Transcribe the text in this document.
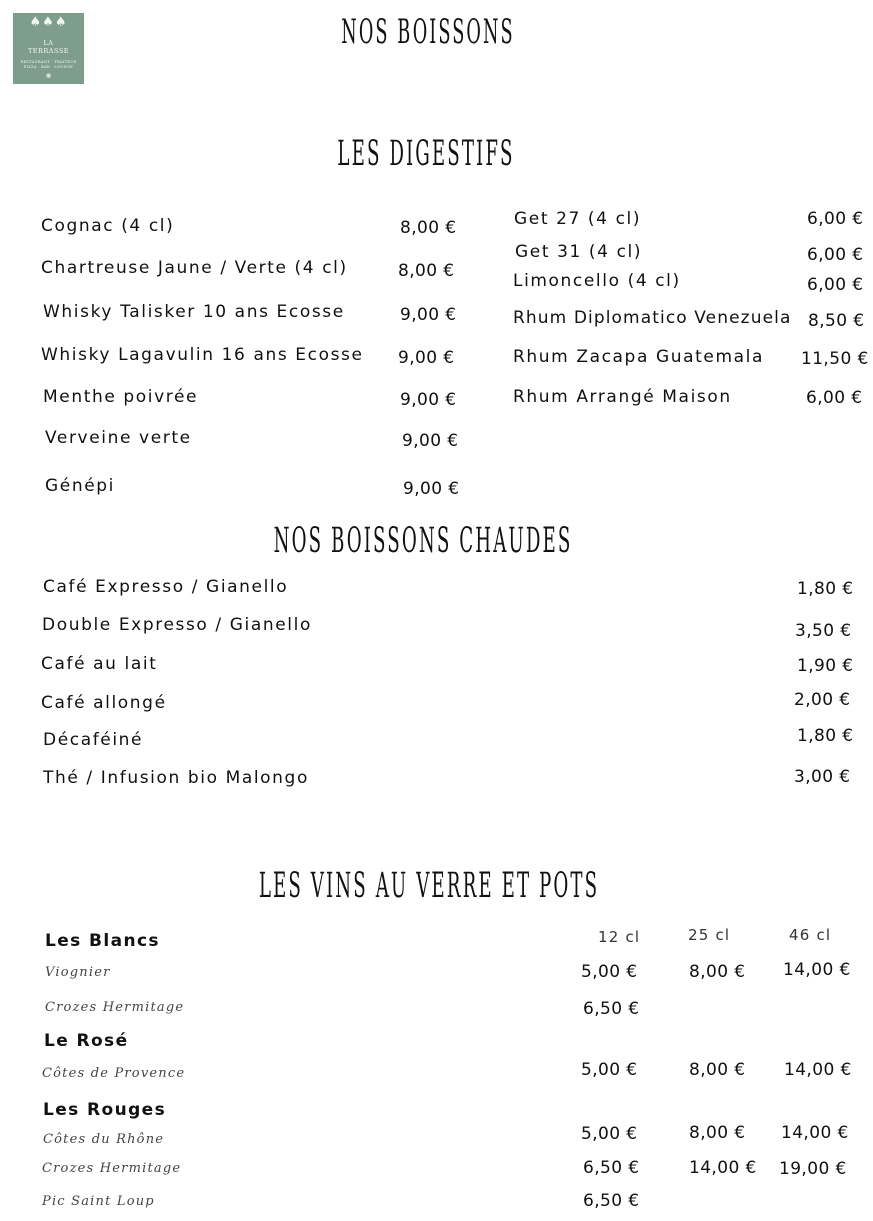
♠♠♠
LA
TERRASSE
RESTAURANT · TRAITEUR
PIZZA · BAR · LOUNGE
❀
NOS BOISSONS
LES DIGESTIFS
Cognac (4 cl)	8,00 €
Chartreuse Jaune / Verte (4 cl)	8,00 €
Whisky Talisker 10 ans Ecosse	9,00 €
Whisky Lagavulin 16 ans Ecosse 9,00 €
Menthe poivrée	9,00 €
Verveine verte	9,00 €
Génépi	9,00 €
Get 27 (4 cl)	6,00 €
Get 31 (4 cl)	6,00 €
Limoncello (4 cl)	6,00 €
Rhum Diplomatico Venezuela 8,50 €
Rhum Zacapa Guatemala 11,50 €
Rhum Arrangé Maison	6,00 €
NOS BOISSONS CHAUDES
Café Expresso / Gianello	1,80 €
Double Expresso / Gianello	3,50 €
Café au lait	1,90 €
Café allongé	2,00 €
Décaféiné	1,80 €
Thé / Infusion bio Malongo	3,00 €
LES VINS AU VERRE ET POTS
12 cl	25 cl	46 cl
Les Blancs
Viognier	5,00 €	8,00 € 14,00 €
Crozes Hermitage	6,50 €
Le Rosé
Côtes de Provence	5,00 €	8,00 € 14,00 €
Les Rouges
Côtes du Rhône	5,00 €	8,00 € 14,00 €
Crozes Hermitage	6,50 €	14,00 € 19,00 €
Pic Saint Loup	6,50 €
